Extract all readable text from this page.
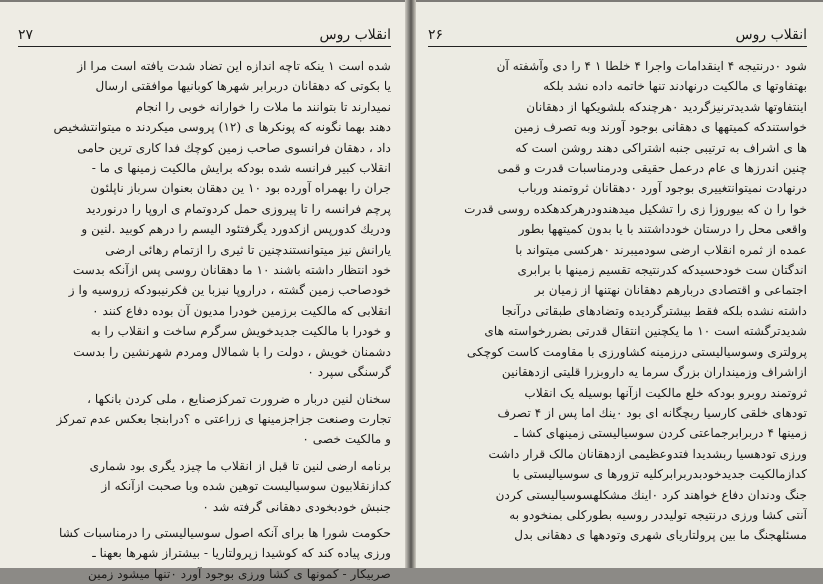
انقلاب روس
۲۷

شده است ۱ ینکه تاچه اندازه این تضاد شدت یافته است مرا از

یا بکوتی که دهقانان دربرابر شهرها کوبانیها موافقتی ارسال

نمیدارند تا بتوانند ما ملات را خوارانه خوبی را انجام

دهند بهما نگونه که پونکرها ی (۱۲) پروسی میکردند ه میتوانتشخیص

داد ، دهقان فرانسوی صاحب زمین کوچك فدا کاری ترین حامی

انقلاب کبیر فرانسه شده بودکه برایش مالکیت زمینها ی ما -

جران را بهمراه آورده بود ۱۰ ین دهقان بعنوان سرباز ناپلئون

پرچم فرانسه را تا پیروزی حمل کردوتمام ی اروپا را درنوردید

ودریك کدورپس ازکدورد یگرفتئود الیسم را درهم کوبید .لنین و

یارانش نیز میتوانستندچنین تا ثیری را ازتمام رهائی ارضی

خود انتظار داشته باشند ۱۰ ما دهقانان روسی پس ازآنکه بدست

خودصاحب زمین گشته ، دراروپا نیزبا ین فکرنیبودکه زروسیه وا ز

انقلابی که مالکیت برزمین خودرا مدیون آن بوده دفاع کنند ۰

و خودرا با مالکیت جدیدخویش سرگرم ساخت و انقلاب را به

دشمنان خویش ، دولت را با شمالال ومردم شهرنشین را بدست

گرسنگی سپرد ۰

سخنان لنین دربار ه ضرورت تمرکزصنایع ، ملی کردن بانکها ،

تجارت وصنعت جزاجزمینها ی زراعتی ه ؟درابنجا بعکس عدم تمرکز

و مالکیت خصی ۰

برنامه ارضی لنین تا قبل از انقلاب ما چیزد یگری بود شماری

کدازنقلابیون سوسیالیست توهین شده وبا صحبت ازآنکه از

جنبش خودبخودی دهقانی گرفته شد ۰

حکومت شورا ها برای آنکه اصول سوسیالیستی را درمناسبات کشا

ورزی پیاده کند که کوشیدا زپرولتاریا - بیشتراز شهرها بعهنا ـ

صربیکار - کمونها ی کشا ورزی بوجود آورد ۰تنها میشود زمین

انقلاب روس
۲۶

شود ۰درنتیجه ۴ اینقدامات واجرا ۴ خلطا ۱ ۴ را دی وآشفته آن

بهتفاوتها ی مالکیت درنهادند تنها خاتمه داده نشد بلکه

اینتفاوتها شدیدترنیزگردید ۰هرچندکه بلشویکها از دهقانان

خواستندکه کمیتهها ی دهقانی بوجود آورند وبه تصرف زمین

ها ی اشراف به ترتیبی جنبه اشتراکی دهند روشن است که

چنین اندرزها ی عام درعمل حقیقی ودرمناسبات قدرت و قمی

درنهادت نمیتوانتغییری بوجود آورد ۰دهقانان ثروتمند ورباب

خوا را ن که بیوروزا زی را تشکیل میدهندودرهرکدهکده روسی قدرت

واقعی محل را درستان خودداشتند با یا بدون کمیتهها بطور

عمده از ثمره انقلاب ارضی سودمیبرند ۰هرکسی میتواند با

اندگتان ست خودحسیدکه کدرنتیجه تقسیم زمینها با برابری

اجتماعی و اقتصادی دربارهم دهقانان نهتنها از زمیان بر

داشته نشده بلکه فقط بیشترگردیده وتضادهای طبقاتی درآنجا

شدیدترگشته است ۱۰ ما یکچنین انتقال قدرتی بضررخواسته های

پرولتری وسوسیالیستی درزمینه کشاورزی با مقاومت کاست کوچکی

ازاشراف وزمینداران بزرگ سرما یه داروبزرا قلیتی ازدهقانین

ثروتمند روبرو بودکه خلع مالکیت ازآنها بوسیله یک انقلاب

تودهای خلقی کارسیا ربچگانه ای بود ۰ینك اما پس از ۴ تصرف

زمینها ۴ دربرابرجماعتی کردن سوسیالیستی زمینهای کشا ـ

ورزی تودهسیا ربشدیدا فتدوعظیمی ازدهقانان مالک قرار داشت

کدازمالکیت جدیدخودبدربرابرکلیه تزورها ی سوسیالیستی با

جنگ ودندان دفاع خواهند کرد ۰اینك مشکلهسوسیالیستی کردن

آنتی کشا ورزی درنتیجه تولیددر روسیه بطورکلی بمنخودو به

مسئلهجنگ ما بین پرولتاریای شهری وتودهها ی دهقانی بدل
